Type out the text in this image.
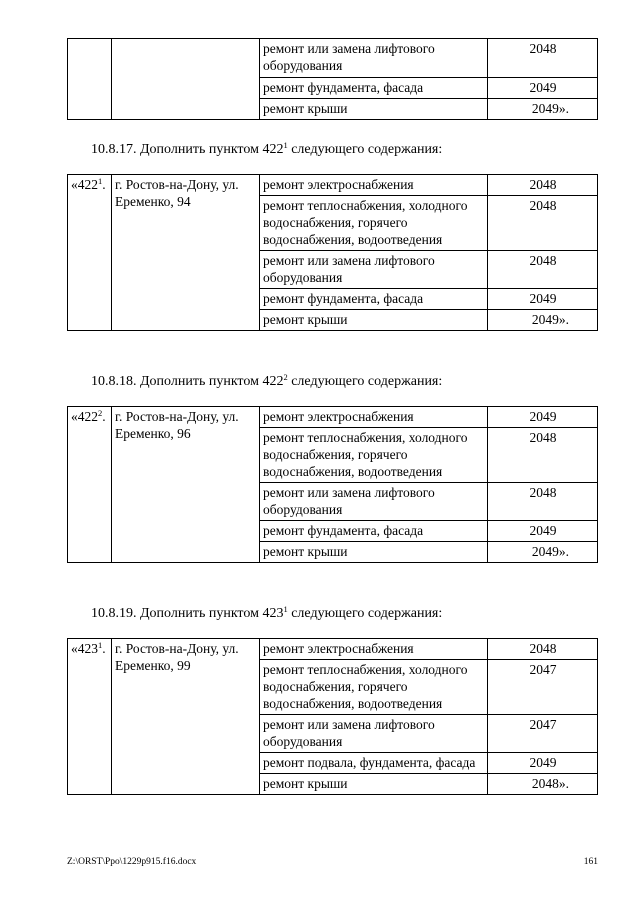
		ремонт или замена лифтового оборудования	2048
		ремонт фундамента, фасада	2049
		ремонт крыши	2049».
10.8.17. Дополнить пунктом $422^1$ следующего содержания:
«$422^1$.	г. Ростов-на-Дону, ул. Еременко, 94	ремонт электроснабжения	2048
		ремонт теплоснабжения, холодного водоснабжения, горячего водоснабжения, водоотведения	2048
		ремонт или замена лифтового оборудования	2048
		ремонт фундамента, фасада	2049
		ремонт крыши	2049».
10.8.18. Дополнить пунктом $422^2$ следующего содержания:
«$422^2$.	г. Ростов-на-Дону, ул. Еременко, 96	ремонт электроснабжения	2049
		ремонт теплоснабжения, холодного водоснабжения, горячего водоснабжения, водоотведения	2048
		ремонт или замена лифтового оборудования	2048
		ремонт фундамента, фасада	2049
		ремонт крыши	2049».
10.8.19. Дополнить пунктом $423^1$ следующего содержания:
«$423^1$.	г. Ростов-на-Дону, ул. Еременко, 99	ремонт электроснабжения	2048
		ремонт теплоснабжения, холодного водоснабжения, горячего водоснабжения, водоотведения	2047
		ремонт или замена лифтового оборудования	2047
		ремонт подвала, фундамента, фасада	2049
		ремонт крыши	2048».
Z:\ORST\Ppo\1229p915.f16.docx	161
